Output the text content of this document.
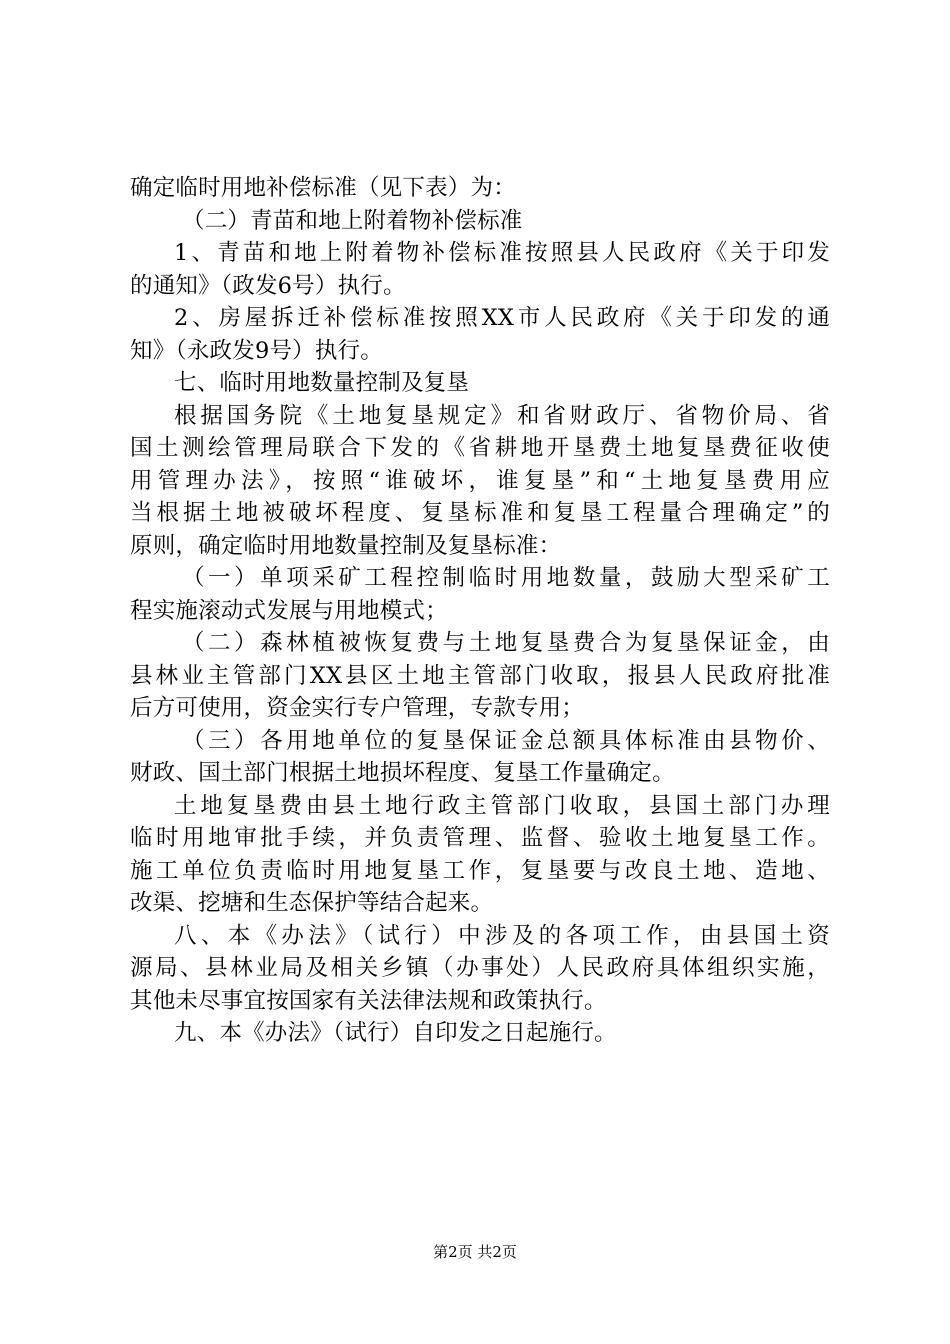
确定临时用地补偿标准（见下表）为：
（二）青苗和地上附着物补偿标准
1、青苗和地上附着物补偿标准按照县人民政府《关于印发
的通知》（政发6号）执行。
2、房屋拆迁补偿标准按照XX市人民政府《关于印发的通
知》（永政发9号）执行。
七、临时用地数量控制及复垦
根据国务院《土地复垦规定》和省财政厅、省物价局、省
国土测绘管理局联合下发的《省耕地开垦费土地复垦费征收使
用管理办法》，按照“谁破坏，谁复垦”和“土地复垦费用应
当根据土地被破坏程度、复垦标准和复垦工程量合理确定”的
原则，确定临时用地数量控制及复垦标准：
（一）单项采矿工程控制临时用地数量，鼓励大型采矿工
程实施滚动式发展与用地模式；
（二）森林植被恢复费与土地复垦费合为复垦保证金，由
县林业主管部门XX县区土地主管部门收取，报县人民政府批准
后方可使用，资金实行专户管理，专款专用；
（三）各用地单位的复垦保证金总额具体标准由县物价、
财政、国土部门根据土地损坏程度、复垦工作量确定。
土地复垦费由县土地行政主管部门收取，县国土部门办理
临时用地审批手续，并负责管理、监督、验收土地复垦工作。
施工单位负责临时用地复垦工作，复垦要与改良土地、造地、
改渠、挖塘和生态保护等结合起来。
八、本《办法》（试行）中涉及的各项工作，由县国土资
源局、县林业局及相关乡镇（办事处）人民政府具体组织实施，
其他未尽事宜按国家有关法律法规和政策执行。
九、本《办法》（试行）自印发之日起施行。
第2页 共2页
